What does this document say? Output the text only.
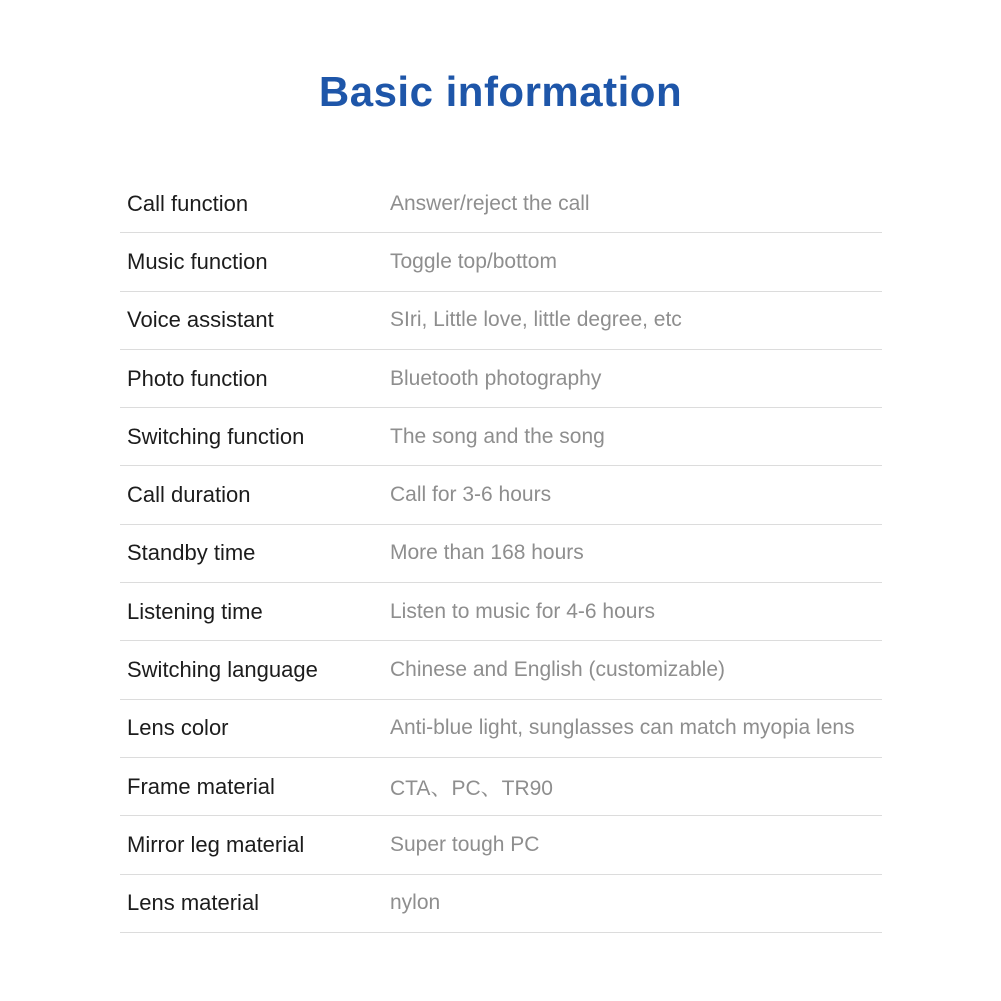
Basic information
Call function	Answer/reject the call
Music function	Toggle top/bottom
Voice assistant	SIri, Little love, little degree, etc
Photo function	Bluetooth photography
Switching function	The song and the song
Call duration	Call for 3-6 hours
Standby time	More than 168 hours
Listening time	Listen to music for 4-6 hours
Switching language	Chinese and English (customizable)
Lens color	Anti-blue light, sunglasses can match myopia lens
Frame material	CTA、PC、TR90
Mirror leg material	Super tough PC
Lens material	nylon
